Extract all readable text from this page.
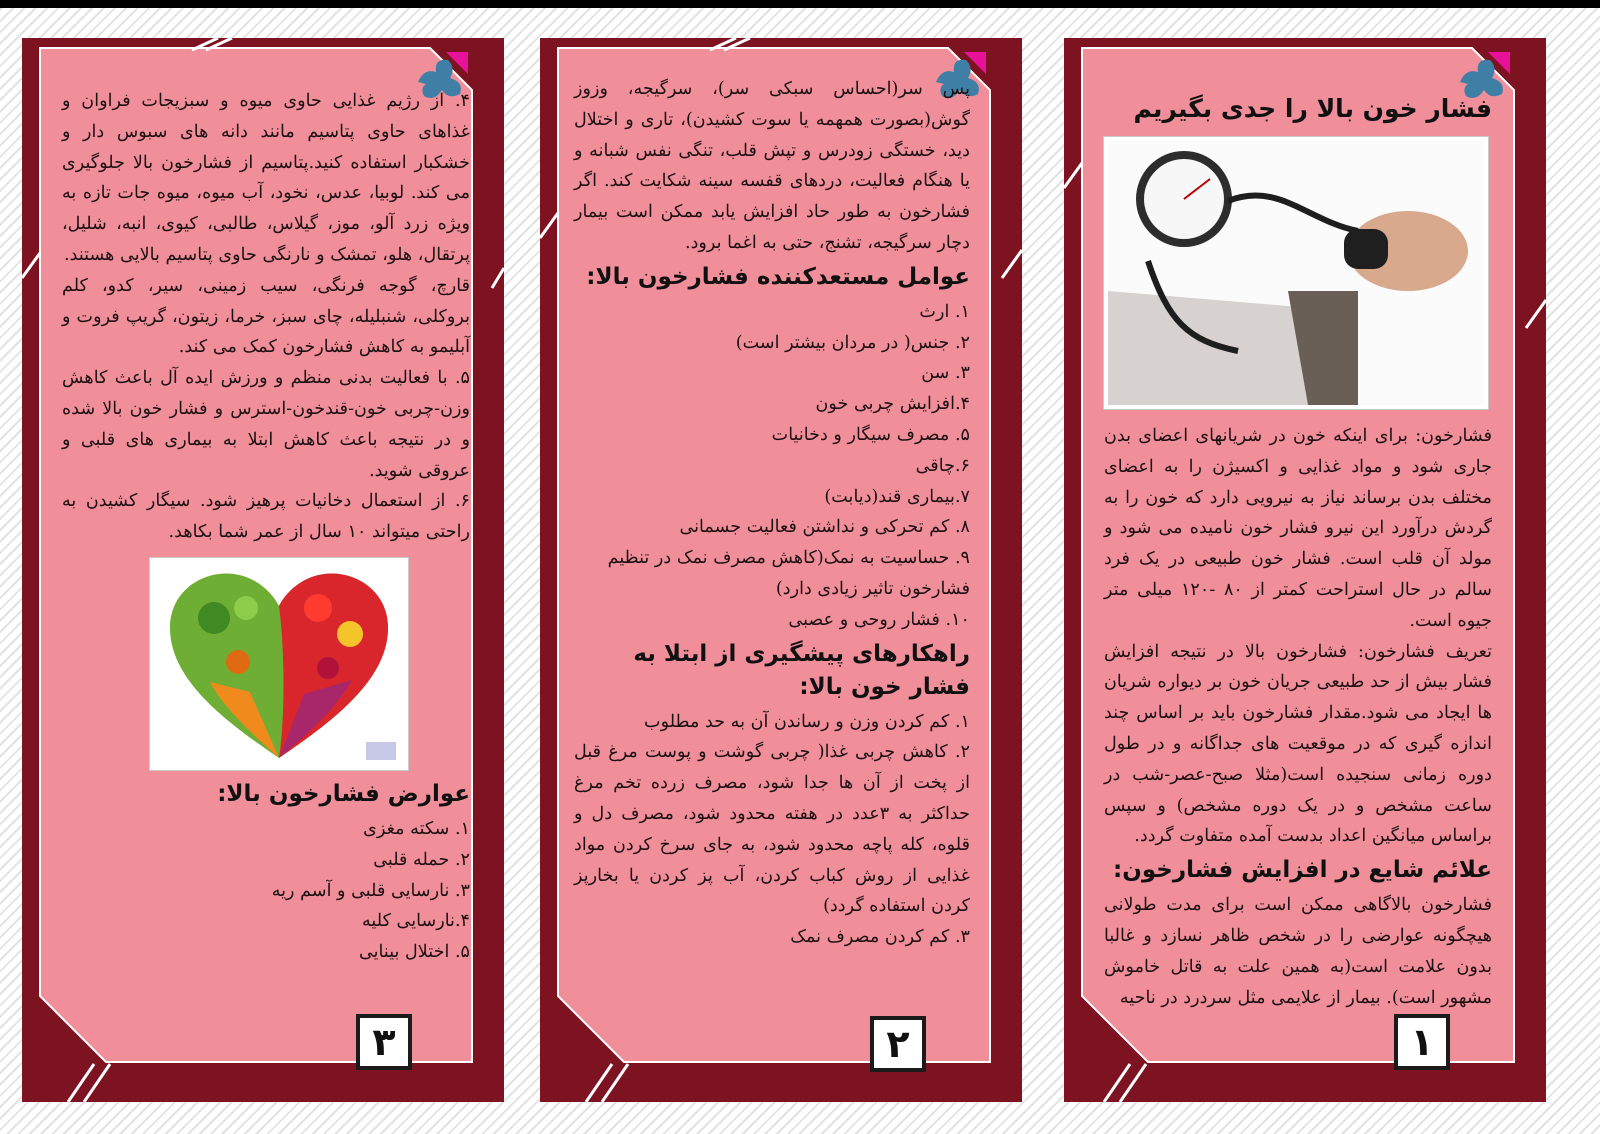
۴. از رژیم غذایی حاوی میوه و سبزیجات فراوان و غذاهای حاوی پتاسیم مانند دانه های سبوس دار و خشکبار استفاده کنید.پتاسیم از فشارخون بالا جلوگیری می کند. لوبیا، عدس، نخود، آب میوه، میوه جات تازه به ویژه زرد آلو، موز، گیلاس، طالبی، کیوی، انبه، شلیل، پرتقال، هلو، تمشک و نارنگی حاوی پتاسیم بالایی هستند.

قارچ، گوجه فرنگی، سیب زمینی، سیر، کدو، کلم بروکلی، شنبلیله، چای سبز، خرما، زیتون، گریپ فروت و آبلیمو به کاهش فشارخون کمک می کند.

۵. با فعالیت بدنی منظم و ورزش ایده آل باعث کاهش وزن-چربی خون-قندخون-استرس و فشار خون بالا شده و در نتیجه باعث کاهش ابتلا به بیماری های قلبی و عروقی شوید.

۶. از استعمال دخانیات پرهیز شود. سیگار کشیدن به راحتی میتواند ۱۰ سال از عمر شما بکاهد.

عوارض فشارخون بالا:
۱. سکته مغزی
۲. حمله قلبی
۳. نارسایی قلبی و آسم ریه
۴.نارسایی کلیه
۵. اختلال بینایی
۳

پس سر(احساس سبکی سر)، سرگیجه، وزوز گوش(بصورت همهمه یا سوت کشیدن)، تاری و اختلال دید، خستگی زودرس و تپش قلب، تنگی نفس شبانه و یا هنگام فعالیت، دردهای قفسه سینه شکایت کند. اگر فشارخون به طور حاد افزایش یابد ممکن است بیمار دچار سرگیجه، تشنج، حتی به اغما برود.

عوامل مستعدکننده فشارخون بالا:
۱. ارث
۲. جنس( در مردان بیشتر است)
۳. سن
۴.افزایش چربی خون
۵. مصرف سیگار و دخانیات
۶.چاقی
۷.بیماری قند(دیابت)
۸. کم تحرکی و نداشتن فعالیت جسمانی
۹. حساسیت به نمک(کاهش مصرف نمک در تنظیم فشارخون تاثیر زیادی دارد)
۱۰. فشار روحی و عصبی
راهکارهای پیشگیری از ابتلا به فشار خون بالا:
۱. کم کردن وزن و رساندن آن به حد مطلوب

۲. کاهش چربی غذا( چربی گوشت و پوست مرغ قبل از پخت از آن ها جدا شود، مصرف زرده تخم مرغ حداکثر به ۳عدد در هفته محدود شود، مصرف دل و قلوه، کله پاچه محدود شود، به جای سرخ کردن مواد غذایی از روش کباب کردن، آب پز کردن یا بخارپز کردن استفاده گردد)

۳. کم کردن مصرف نمک
۲
فشار خون بالا را جدی بگیریم

فشارخون: برای اینکه خون در شریانهای اعضای بدن جاری شود و مواد غذایی و اکسیژن را به اعضای مختلف بدن برساند نیاز به نیرویی دارد که خون را به گردش درآورد این نیرو فشار خون نامیده می شود و مولد آن قلب است. فشار خون طبیعی در یک فرد سالم در حال استراحت کمتر از ۸۰ -۱۲۰ میلی متر جیوه است.

تعریف فشارخون: فشارخون بالا در نتیجه افزایش فشار بیش از حد طبیعی جریان خون بر دیواره شریان ها ایجاد می شود.مقدار فشارخون باید بر اساس چند اندازه گیری که در موقعیت های جداگانه و در طول دوره زمانی سنجیده است(مثلا صبح-عصر-شب در ساعت مشخص و در یک دوره مشخص) و سپس براساس میانگین اعداد بدست آمده متفاوت گردد.

علائم شایع در افزایش فشارخون:

فشارخون بالاگاهی ممکن است برای مدت طولانی هیچگونه عوارضی را در شخص ظاهر نسازد و غالبا بدون علامت است(به همین علت به قاتل خاموش مشهور است). بیمار از علایمی مثل سردرد در ناحیه

۱
